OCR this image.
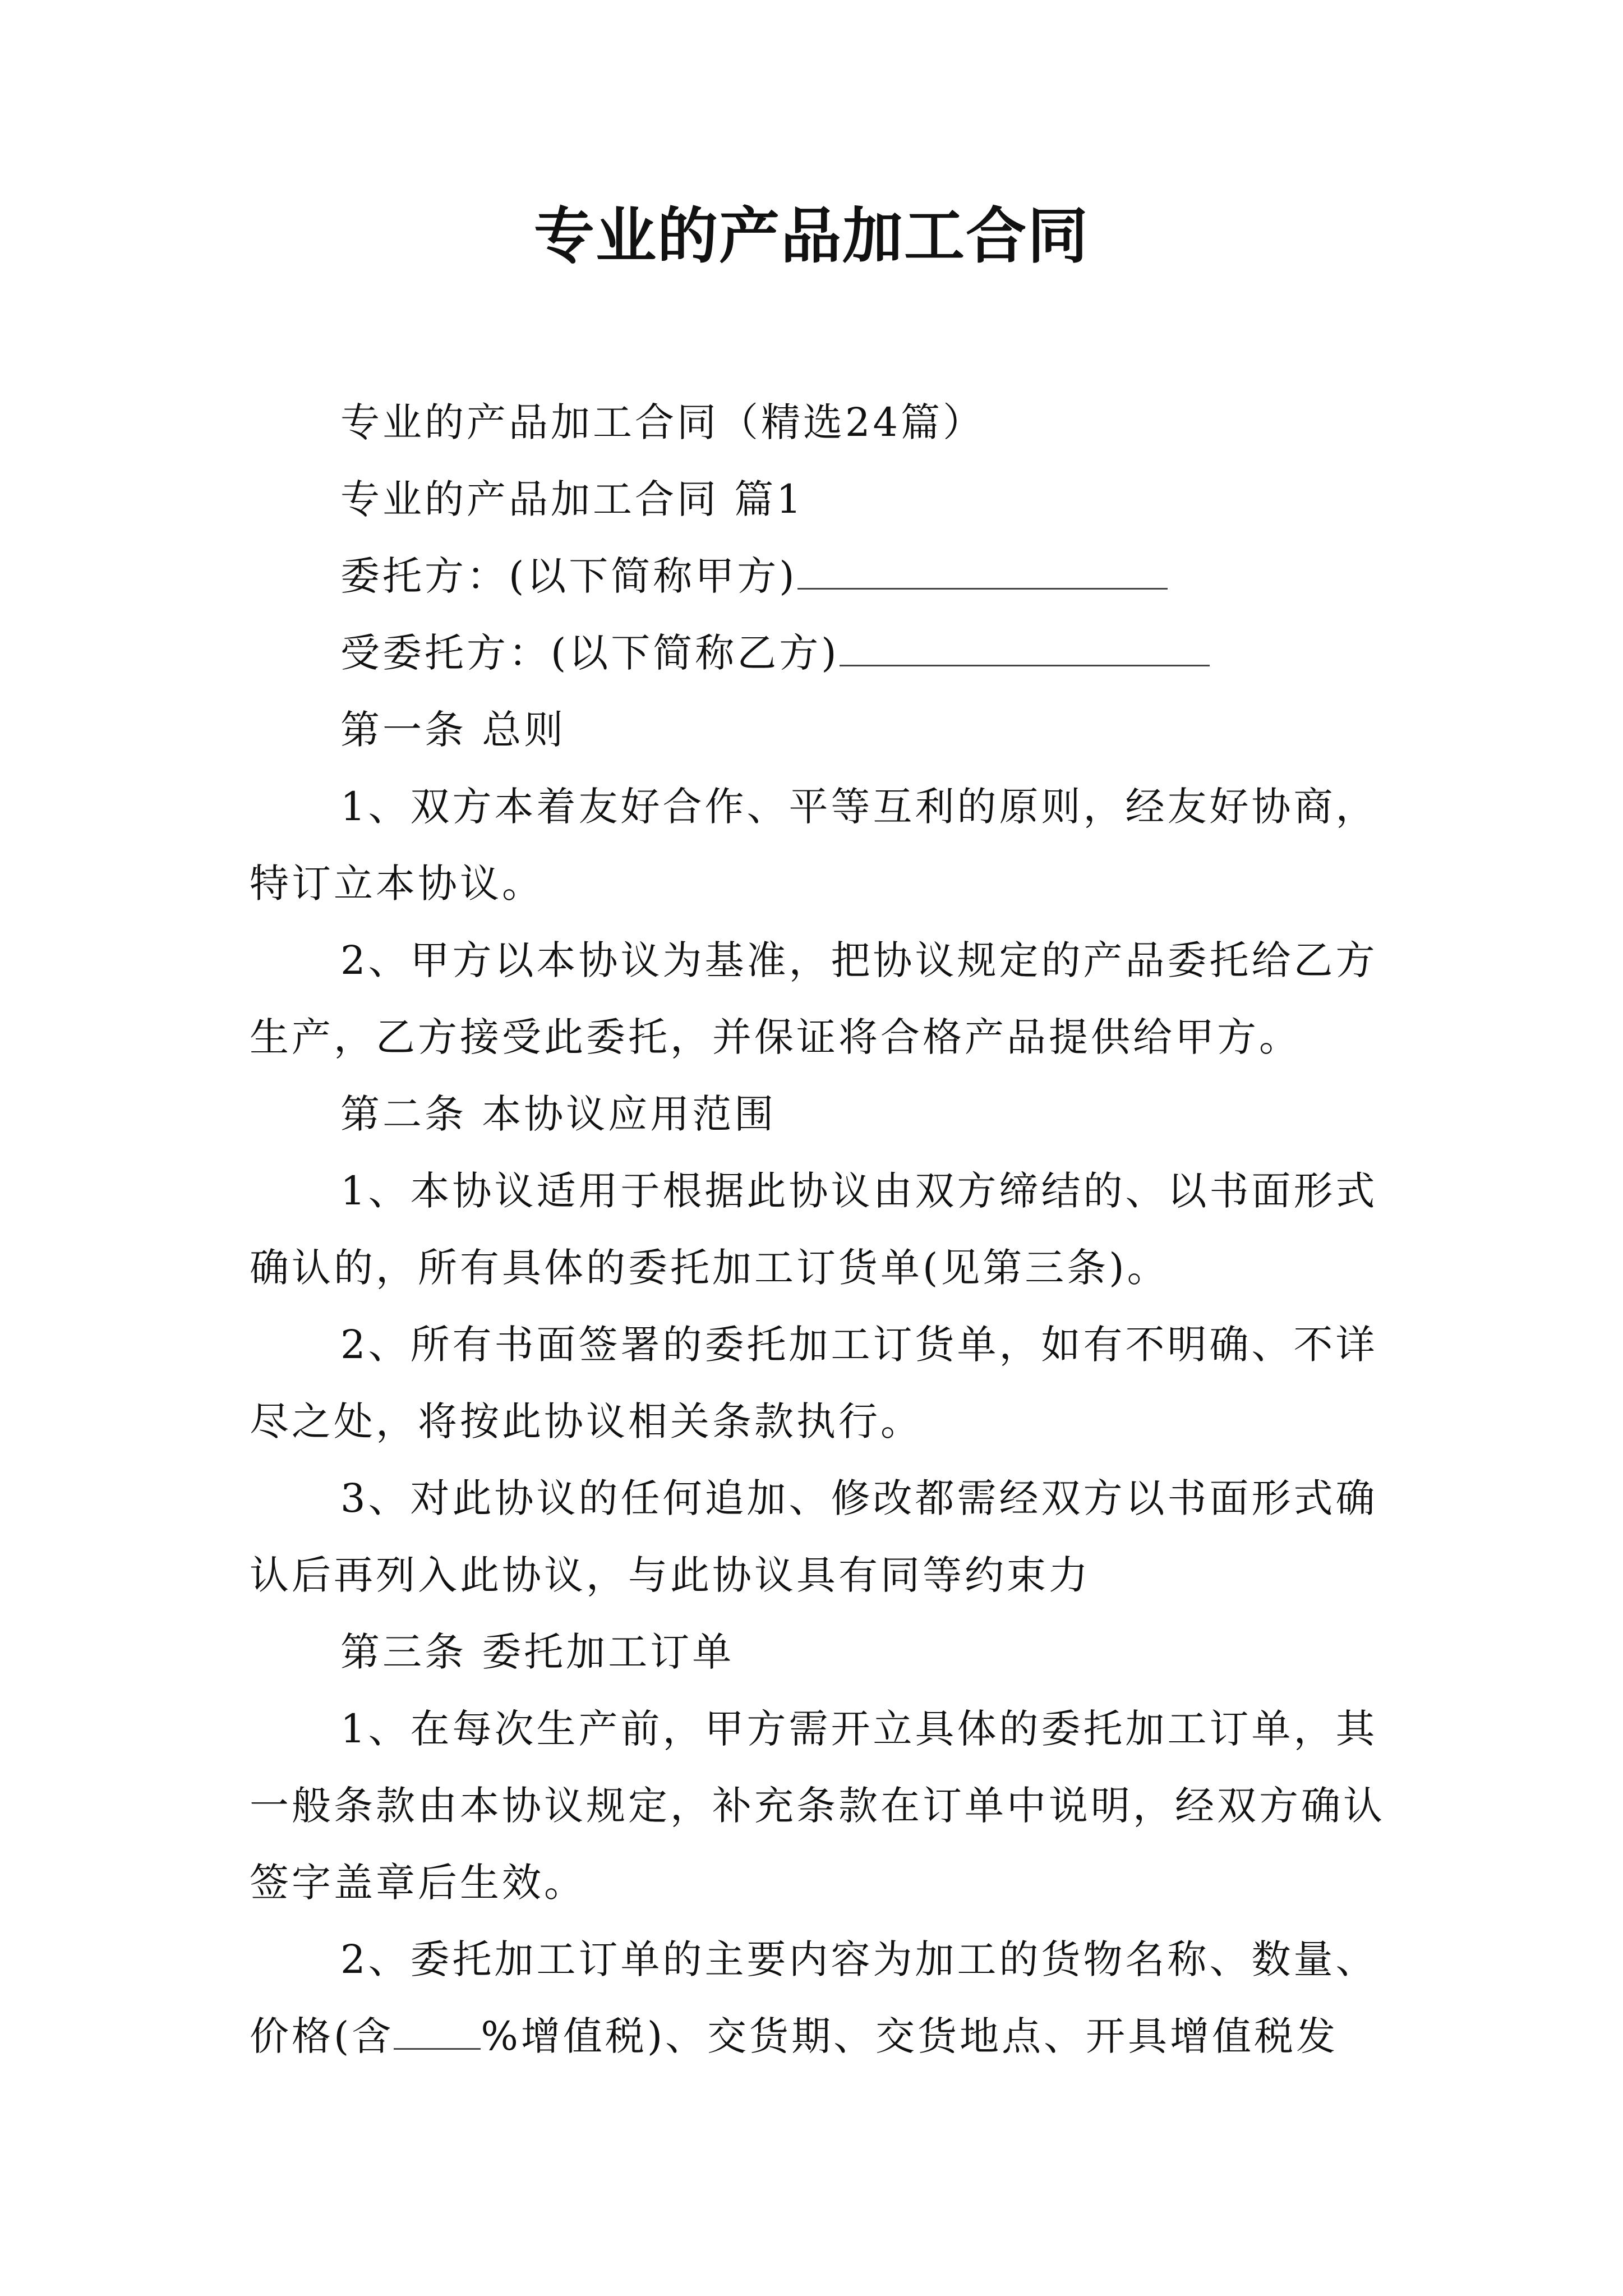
专业的产品加工合同

专业的产品加工合同（精选24篇）

专业的产品加工合同 篇1

委托方：(以下简称甲方)

受委托方：(以下简称乙方)

第一条 总则

1、双方本着友好合作、平等互利的原则，经友好协商，特订立本协议。

2、甲方以本协议为基准，把协议规定的产品委托给乙方生产，乙方接受此委托，并保证将合格产品提供给甲方。

第二条 本协议应用范围

1、本协议适用于根据此协议由双方缔结的、以书面形式确认的，所有具体的委托加工订货单(见第三条)。

2、所有书面签署的委托加工订货单，如有不明确、不详尽之处，将按此协议相关条款执行。

3、对此协议的任何追加、修改都需经双方以书面形式确认后再列入此协议，与此协议具有同等约束力

第三条 委托加工订单

1、在每次生产前，甲方需开立具体的委托加工订单，其一般条款由本协议规定，补充条款在订单中说明，经双方确认签字盖章后生效。

2、委托加工订单的主要内容为加工的货物名称、数量、价格(含 %增值税)、交货期、交货地点、开具增值税发
